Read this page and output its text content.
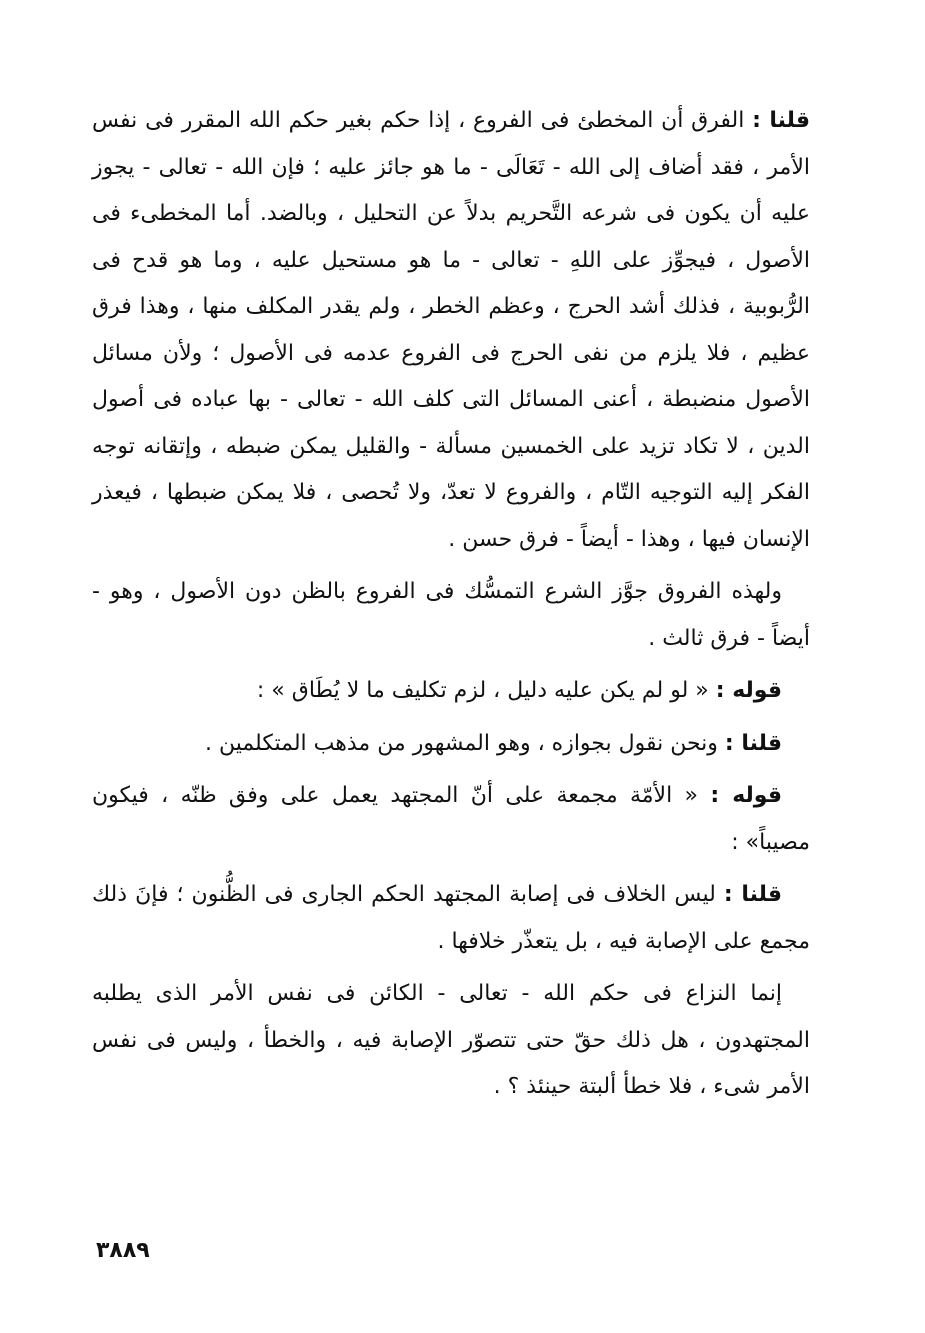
قلنا : الفرق أن المخطئ فى الفروع ، إذا حكم بغير حكم الله المقرر فى نفس الأمر ، فقد أضاف إلى الله - تَعَالَى - ما هو جائز عليه ؛ فإن الله - تعالى - يجوز عليه أن يكون فى شرعه التَّحريم بدلاً عن التحليل ، وبالضد. أما المخطىء فى الأصول ، فيجوِّز على اللهِ - تعالى - ما هو مستحيل عليه ، وما هو قدح فى الرُّبوبية ، فذلك أشد الحرج ، وعظم الخطر ، ولم يقدر المكلف منها ، وهذا فرق عظيم ، فلا يلزم من نفى الحرج فى الفروع عدمه فى الأصول ؛ ولأن مسائل الأصول منضبطة ، أعنى المسائل التى كلف الله - تعالى - بها عباده فى أصول الدين ، لا تكاد تزيد على الخمسين مسألة - والقليل يمكن ضبطه ، وإتقانه توجه الفكر إليه التوجيه التّام ، والفروع لا تعدّ، ولا تُحصى ، فلا يمكن ضبطها ، فيعذر الإنسان فيها ، وهذا - أيضاً - فرق حسن .

ولهذه الفروق جوَّز الشرع التمسُّك فى الفروع بالظن دون الأصول ، وهو - أيضاً - فرق ثالث .

قوله : « لو لم يكن عليه دليل ، لزم تكليف ما لا يُطَاق » :

قلنا : ونحن نقول بجوازه ، وهو المشهور من مذهب المتكلمين .

قوله : « الأمّة مجمعة على أنّ المجتهد يعمل على وفق ظنّه ، فيكون مصيباً» :

قلنا : ليس الخلاف فى إصابة المجتهد الحكم الجارى فى الظُّنون ؛ فإنَ ذلك مجمع على الإصابة فيه ، بل يتعذّر خلافها .

إنما النزاع فى حكم الله - تعالى - الكائن فى نفس الأمر الذى يطلبه المجتهدون ، هل ذلك حقّ حتى تتصوّر الإصابة فيه ، والخطأ ، وليس فى نفس الأمر شىء ، فلا خطأ ألبتة حينئذ ؟ .

٣٨٨٩
